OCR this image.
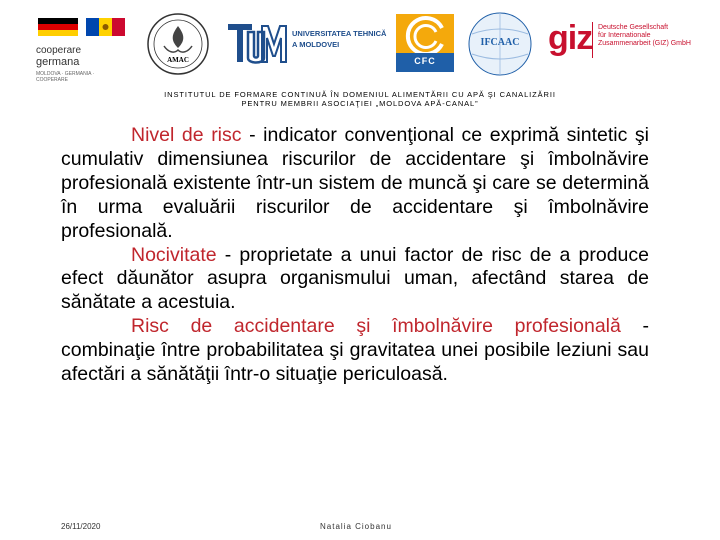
cooperare
germana
MOLDOVA · GERMANIA · COOPERARE
AMAC
UNIVERSITATEA TEHNICĂ
A MOLDOVEI
CFC
IFCAAC giz Deutsche Gesellschaft
für Internationale
Zusammenarbeit (GIZ) GmbH
INSTITUTUL DE FORMARE CONTINUĂ ÎN DOMENIUL ALIMENTĂRII CU APĂ ŞI CANALIZĂRII
PENTRU MEMBRII ASOCIAŢIEI „MOLDOVA APĂ-CANAL”

Nivel de risc - indicator convenţional ce exprimă sintetic şi cumulativ dimensiunea riscurilor de accidentare şi îmbolnăvire profesională existente într-un sistem de muncă şi care se determină în urma evaluării riscurilor de accidentare şi îmbolnăvire profesională.

Nocivitate - proprietate a unui factor de risc de a produce efect dăunător asupra organismului uman, afectând starea de sănătate a acestuia.

Risc de accidentare şi îmbolnăvire profesională - combinaţie între probabilitatea şi gravitatea unei posibile leziuni sau afectări a sănătăţii într-o situaţie periculoasă.

26/11/2020	Natalia Ciobanu
